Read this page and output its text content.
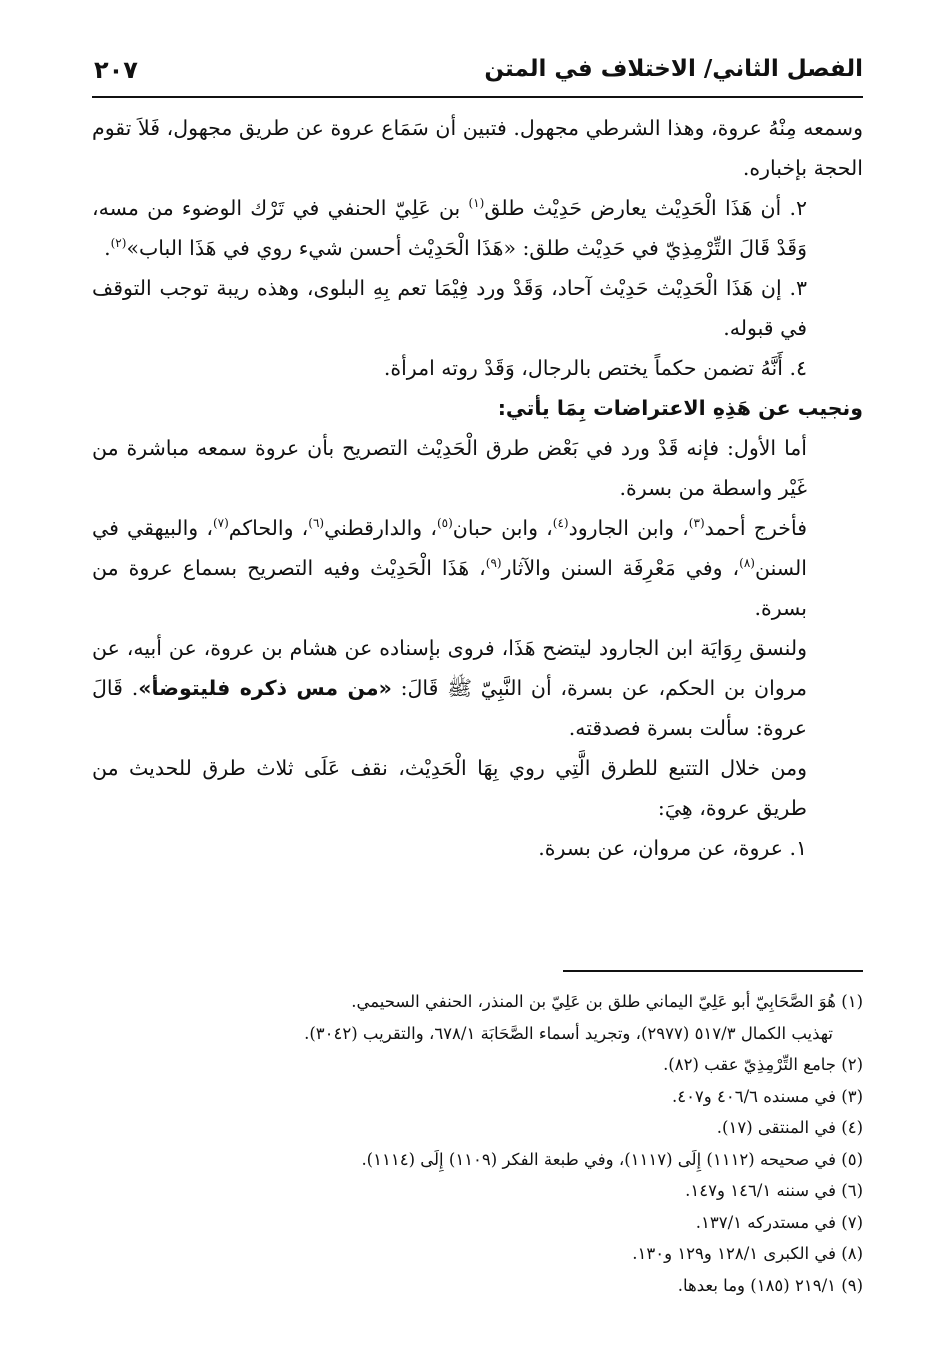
الفصل الثاني/ الاختلاف في المتن
٢٠٧

وسمعه مِنْهُ عروة، وهذا الشرطي مجهول. فتبين أن سَمَاع عروة عن طريق مجهول، فَلاَ تقوم الحجة بإخباره.

٢. أن هَذَا الْحَدِيْث يعارض حَدِيْث طلق$^{(١)}$ بن عَلِيّ الحنفي في تَرْك الوضوء من مسه، وَقَدْ قَالَ التِّرْمِذِيّ في حَدِيْث طلق: «هَذَا الْحَدِيْث أحسن شيء روي في هَذَا الباب»$^{(٢)}$.

٣. إن هَذَا الْحَدِيْث حَدِيْث آحاد، وَقَدْ ورد فِيْمَا تعم بِهِ البلوى، وهذه ريبة توجب التوقف في قبوله.

٤. أَنَّهُ تضمن حكماً يختص بالرجال، وَقَدْ روته امرأة.

ونجيب عن هَذِهِ الاعتراضات بِمَا يأتي:

أما الأول: فإنه قَدْ ورد في بَعْض طرق الْحَدِيْث التصريح بأن عروة سمعه مباشرة من غَيْر واسطة من بسرة.

فأخرج أحمد$^{(٣)}$، وابن الجارود$^{(٤)}$، وابن حبان$^{(٥)}$، والدارقطني$^{(٦)}$، والحاكم$^{(٧)}$، والبيهقي في السنن$^{(٨)}$، وفي مَعْرِفَة السنن والآثار$^{(٩)}$، هَذَا الْحَدِيْث وفيه التصريح بسماع عروة من بسرة.

ولنسق رِوَايَة ابن الجارود ليتضح هَذَا، فروى بإسناده عن هشام بن عروة، عن أبيه، عن مروان بن الحكم، عن بسرة، أن النَّبِيّ ﷺ قَالَ: «من مس ذكره فليتوضأ». قَالَ عروة: سألت بسرة فصدقته.

ومن خلال التتبع للطرق الَّتِي روي بِهَا الْحَدِيْث، نقف عَلَى ثلاث طرق للحديث من طريق عروة، هِيَ:

١. عروة، عن مروان، عن بسرة.

(١) هُوَ الصَّحَابِيّ أبو عَلِيّ اليماني طلق بن عَلِيّ بن المنذر، الحنفي السحيمي.

تهذيب الكمال ٥١٧/٣ (٢٩٧٧)، وتجريد أسماء الصَّحَابَة ٦٧٨/١، والتقريب (٣٠٤٢).

(٢) جامع التِّرْمِذِيّ عقب (٨٢).

(٣) في مسنده ٤٠٦/٦ و٤٠٧.

(٤) في المنتقى (١٧).

(٥) في صحيحه (١١١٢) إِلَى (١١١٧)، وفي طبعة الفكر (١١٠٩) إِلَى (١١١٤).

(٦) في سننه ١٤٦/١ و١٤٧.

(٧) في مستدركه ١٣٧/١.

(٨) في الكبرى ١٢٨/١ و١٢٩ و١٣٠.

(٩) ٢١٩/١ (١٨٥) وما بعدها.
